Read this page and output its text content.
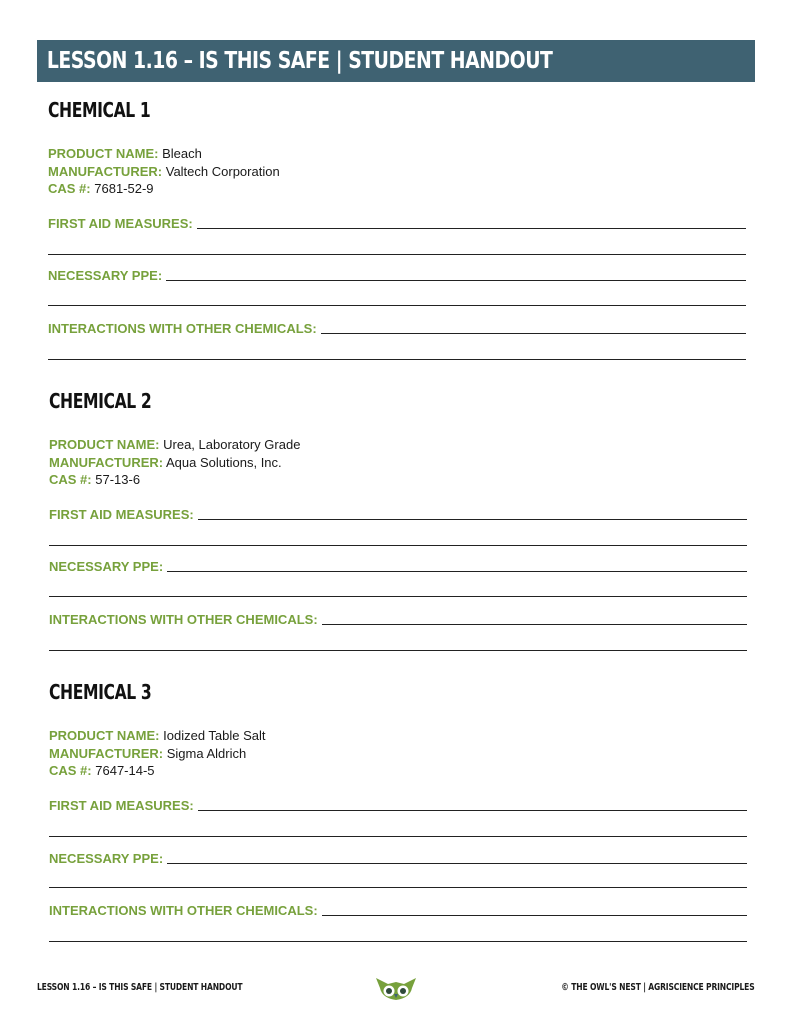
LESSON 1.16 – IS THIS SAFE | STUDENT HANDOUT
CHEMICAL 1
PRODUCT NAME: Bleach
MANUFACTURER: Valtech Corporation
CAS #: 7681-52-9
FIRST AID MEASURES:
NECESSARY PPE:
INTERACTIONS WITH OTHER CHEMICALS:
CHEMICAL 2
PRODUCT NAME: Urea, Laboratory Grade
MANUFACTURER: Aqua Solutions, Inc.
CAS #: 57-13-6
FIRST AID MEASURES:
NECESSARY PPE:
INTERACTIONS WITH OTHER CHEMICALS:
CHEMICAL 3
PRODUCT NAME: Iodized Table Salt
MANUFACTURER: Sigma Aldrich
CAS #: 7647-14-5
FIRST AID MEASURES:
NECESSARY PPE:
INTERACTIONS WITH OTHER CHEMICALS:
LESSON 1.16 – IS THIS SAFE | STUDENT HANDOUT	© THE OWL'S NEST | AGRISCIENCE PRINCIPLES
